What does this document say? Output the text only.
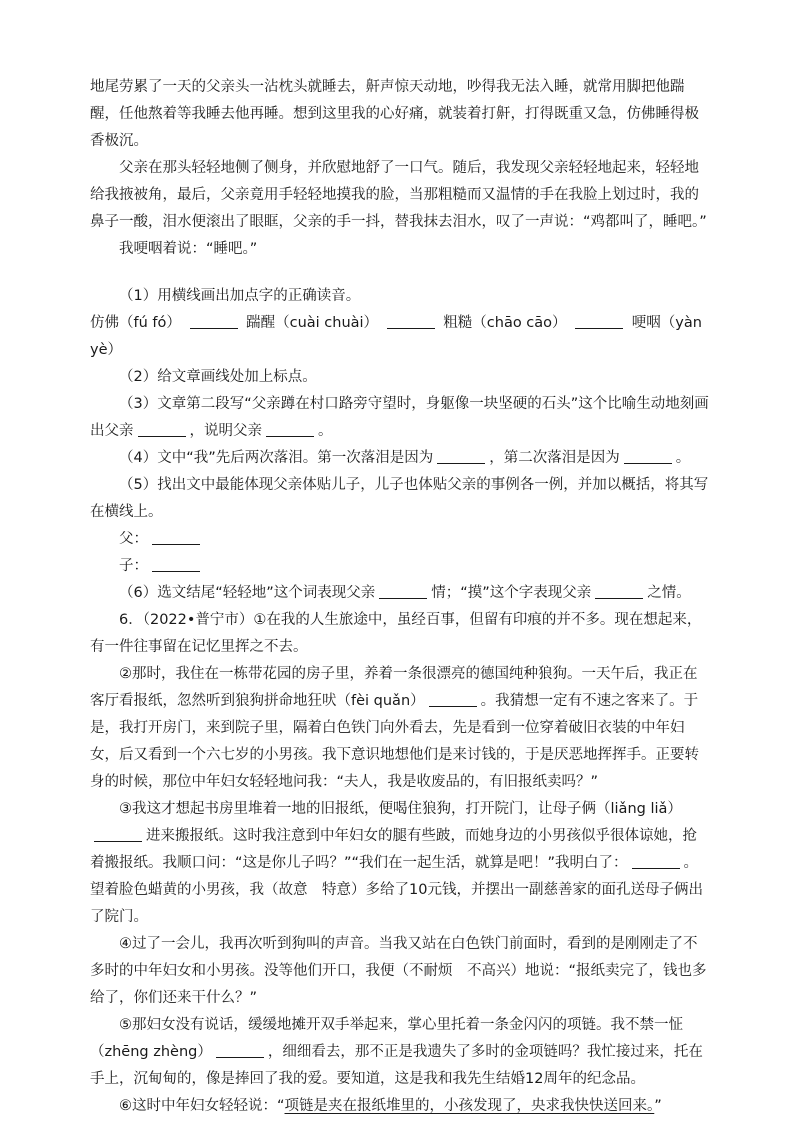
地尾劳累了一天的父亲头一沾枕头就睡去，鼾声惊天动地，吵得我无法入睡，就常用脚把他踹醒，任他熬着等我睡去他再睡。想到这里我的心好痛，就装着打鼾，打得既重又急，仿佛睡得极香极沉。

父亲在那头轻轻地侧了侧身，并欣慰地舒了一口气。随后，我发现父亲轻轻地起来，轻轻地给我掖被角，最后，父亲竟用手轻轻地摸我的脸，当那粗糙而又温情的手在我脸上划过时，我的鼻子一酸，泪水便滚出了眼眶，父亲的手一抖，替我抹去泪水，叹了一声说：“鸡都叫了，睡吧。”

我哽咽着说：“睡吧。”

（1）用横线画出加点字的正确读音。

仿佛（fú fó）	踹醒（cuài chuài）	粗糙（chāo cāo）	哽咽（yàn yè）

（2）给文章画线处加上标点。

（3）文章第二段写“父亲蹲在村口路旁守望时，身躯像一块坚硬的石头”这个比喻生动地刻画出父亲	，说明父亲	。

（4）文中“我”先后两次落泪。第一次落泪是因为	，第二次落泪是因为	。

（5）找出文中最能体现父亲体贴儿子，儿子也体贴父亲的事例各一例，并加以概括，将其写在横线上。

父：

子：

（6）选文结尾“轻轻地”这个词表现父亲	情；“摸”这个字表现父亲	之情。

6．（2022•普宁市）①在我的人生旅途中，虽经百事，但留有印痕的并不多。现在想起来，有一件往事留在记忆里挥之不去。

②那时，我住在一栋带花园的房子里，养着一条很漂亮的德国纯种狼狗。一天午后，我正在客厅看报纸，忽然听到狼狗拼命地狂吠（fèi quǎn）	。我猜想一定有不速之客来了。于是，我打开房门，来到院子里，隔着白色铁门向外看去，先是看到一位穿着破旧衣装的中年妇女，后又看到一个六七岁的小男孩。我下意识地想他们是来讨钱的，于是厌恶地挥挥手。正要转身的时候，那位中年妇女轻轻地问我：“夫人，我是收废品的，有旧报纸卖吗？”

③我这才想起书房里堆着一地的旧报纸，便喝住狼狗，打开院门，让母子俩（liǎng liǎ）进来搬报纸。这时我注意到中年妇女的腿有些跛，而她身边的小男孩似乎很体谅她，抢着搬报纸。我顺口问：“这是你儿子吗？”“我们在一起生活，就算是吧！”我明白了：	。望着脸色蜡黄的小男孩，我（故意　特意）多给了10元钱，并摆出一副慈善家的面孔送母子俩出了院门。

④过了一会儿，我再次听到狗叫的声音。当我又站在白色铁门前面时，看到的是刚刚走了不多时的中年妇女和小男孩。没等他们开口，我便（不耐烦　不高兴）地说：“报纸卖完了，钱也多给了，你们还来干什么？”

⑤那妇女没有说话，缓缓地摊开双手举起来，掌心里托着一条金闪闪的项链。我不禁一怔（zhēng zhèng）	，细细看去，那不正是我遗失了多时的金项链吗？我忙接过来，托在手上，沉甸甸的，像是捧回了我的爱。要知道，这是我和我先生结婚12周年的纪念品。

⑥这时中年妇女轻轻说：“项链是夹在报纸堆里的，小孩发现了，央求我快快送回来。”
